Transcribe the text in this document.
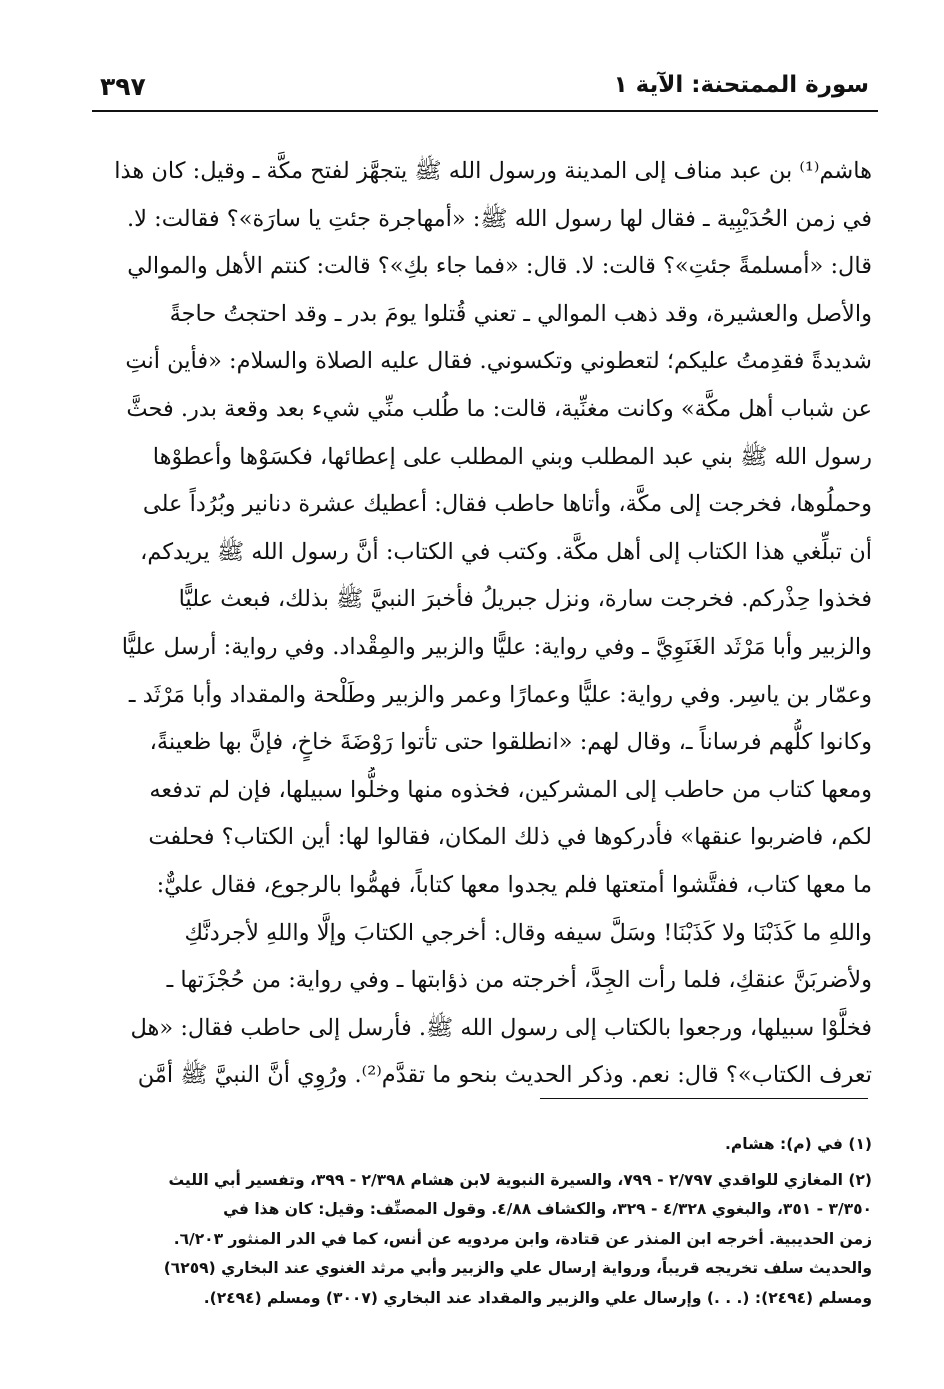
سورة الممتحنة: الآية ١
٣٩٧
هاشم⁽¹⁾ بن عبد مناف إلى المدينة ورسول الله ﷺ يتجهَّز لفتح مكَّة ـ وقيل: كان هذا
في زمن الحُدَيْبِية ـ فقال لها رسول الله ﷺ: «أمهاجرة جئتِ يا سارَة»؟ فقالت: لا.
قال: «أمسلمةً جئتِ»؟ قالت: لا. قال: «فما جاء بكِ»؟ قالت: كنتم الأهل والموالي
والأصل والعشيرة، وقد ذهب الموالي ـ تعني قُتلوا يومَ بدر ـ وقد احتجتُ حاجةً
شديدةً فقدِمتُ عليكم؛ لتعطوني وتكسوني. فقال عليه الصلاة والسلام: «فأين أنتِ
عن شباب أهل مكَّة» وكانت مغنِّية، قالت: ما طُلب منِّي شيء بعد وقعة بدر. فحثَّ
رسول الله ﷺ بني عبد المطلب وبني المطلب على إعطائها، فكسَوْها وأعطوْها
وحملُوها، فخرجت إلى مكَّة، وأتاها حاطب فقال: أعطيك عشرة دنانير وبُرُداً على
أن تبلِّغي هذا الكتاب إلى أهل مكَّة. وكتب في الكتاب: أنَّ رسول الله ﷺ يريدكم،
فخذوا حِذْركم. فخرجت سارة، ونزل جبريلُ فأخبرَ النبيَّ ﷺ بذلك، فبعث عليًّا
والزبير وأبا مَرْثَد الغَنَوِيَّ ـ وفي رواية: عليًّا والزبير والمِقْداد. وفي رواية: أرسل عليًّا
وعمّار بن ياسِر. وفي رواية: عليًّا وعمارًا وعمر والزبير وطَلْحة والمقداد وأبا مَرْثَد ـ
وكانوا كلُّهم فرساناً ـ، وقال لهم: «انطلقوا حتى تأتوا رَوْضَةَ خاخٍ، فإنَّ بها ظعينةً،
ومعها كتاب من حاطب إلى المشركين، فخذوه منها وخلُّوا سبيلها، فإن لم تدفعه
لكم، فاضربوا عنقها» فأدركوها في ذلك المكان، فقالوا لها: أين الكتاب؟ فحلفت
ما معها كتاب، ففتَّشوا أمتعتها فلم يجدوا معها كتاباً، فهمُّوا بالرجوع، فقال عليٌّ:
واللهِ ما كَذَبْنَا ولا كَذَبْنَا! وسَلَّ سيفه وقال: أخرجي الكتابَ وإلَّا واللهِ لأجردنَّكِ
ولأضربَنَّ عنقكِ، فلما رأت الجِدَّ، أخرجته من ذؤابتها ـ وفي رواية: من حُجْزَتها ـ
فخلَّوْا سبيلها، ورجعوا بالكتاب إلى رسول الله ﷺ. فأرسل إلى حاطب فقال: «هل
تعرف الكتاب»؟ قال: نعم. وذكر الحديث بنحو ما تقدَّم⁽²⁾. ورُوِي أنَّ النبيَّ ﷺ أمَّن
(١) في (م): هشام.
(٢) المغازي للواقدي ٢/٧٩٧ - ٧٩٩، والسيرة النبوية لابن هشام ٢/٣٩٨ - ٣٩٩، وتفسير أبي الليث
٣/٣٥٠ - ٣٥١، والبغوي ٤/٣٢٨ - ٣٢٩، والكشاف ٤/٨٨. وقول المصنِّف: وقيل: كان هذا في
زمن الحديبية. أخرجه ابن المنذر عن قتادة، وابن مردويه عن أنس، كما في الدر المنثور ٦/٢٠٣.
والحديث سلف تخريجه قريباً، ورواية إرسال علي والزبير وأبي مرثد الغنوي عند البخاري (٦٢٥٩)
ومسلم (٢٤٩٤): (. . .) وإرسال علي والزبير والمقداد عند البخاري (٣٠٠٧) ومسلم (٢٤٩٤).
